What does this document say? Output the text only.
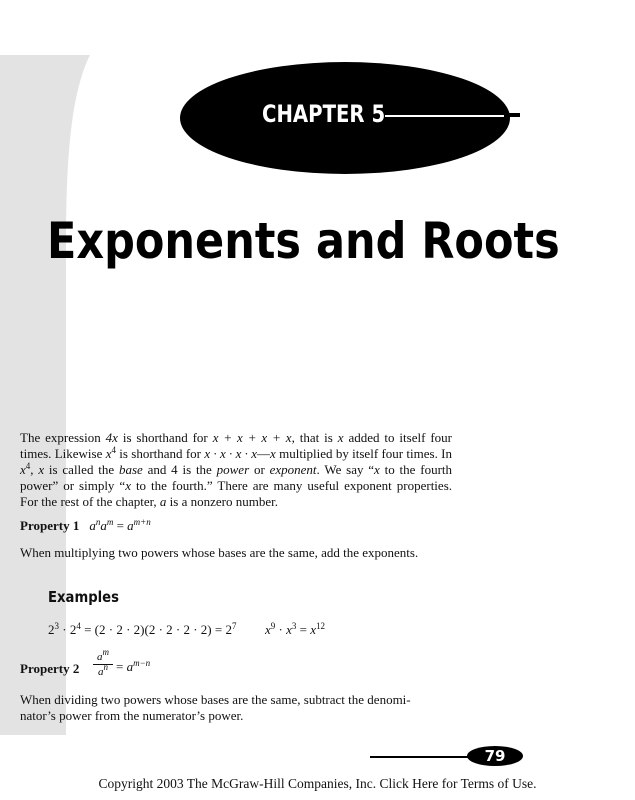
CHAPTER 5
Exponents and Roots

The expression 4x is shorthand for x + x + x + x, that is x added to itself four times. Likewise $x^4$ is shorthand for x · x · x · x—x multiplied by itself four times. In $x^4$, x is called the base and 4 is the power or exponent. We say “x to the fourth power” or simply “x to the fourth.” There are many useful exponent properties. For the rest of the chapter, a is a nonzero number.

Property 1 $a^na^m = a^{m+n}$

When multiplying two powers whose bases are the same, add the exponents.

Examples
$2^3 \cdot 2^4 = (2 \cdot 2 \cdot 2)(2 \cdot 2 \cdot 2 \cdot 2) = 2^7$ $x^9 \cdot x^3 = x^{12}$
Property $2 \frac{a^m}{a^n} = a^{m-n}$

When dividing two powers whose bases are the same, subtract the denomi-
nator’s power from the numerator’s power.

79
Copyright 2003 The McGraw-Hill Companies, Inc. Click Here for Terms of Use.
